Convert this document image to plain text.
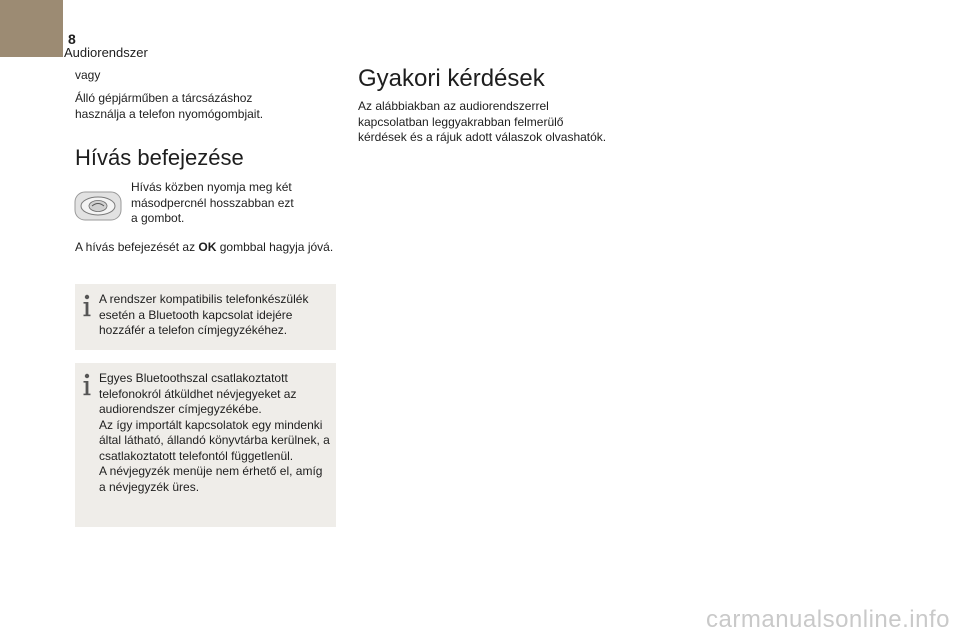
8
Audiorendszer

vagy

Álló gépjárműben a tárcsázáshoz használja a telefon nyomógombjait.

Hívás befejezése

Hívás közben nyomja meg két másodpercnél hosszabban ezt a gombot.

A hívás befejezését az OK gombbal hagyja jóvá.

A rendszer kompatibilis telefonkészülék esetén a Bluetooth kapcsolat idejére hozzáfér a telefon címjegyzékéhez.

Egyes Bluetoothszal csatlakoztatott telefonokról átküldhet névjegyeket az audiorendszer címjegyzékébe.
Az így importált kapcsolatok egy mindenki által látható, állandó könyvtárba kerülnek, a csatlakoztatott telefontól függetlenül.
A névjegyzék menüje nem érhető el, amíg a névjegyzék üres.

Gyakori kérdések

Az alábbiakban az audiorendszerrel kapcsolatban leggyakrabban felmerülő kérdések és a rájuk adott válaszok olvashatók.

carmanualsonline.info
